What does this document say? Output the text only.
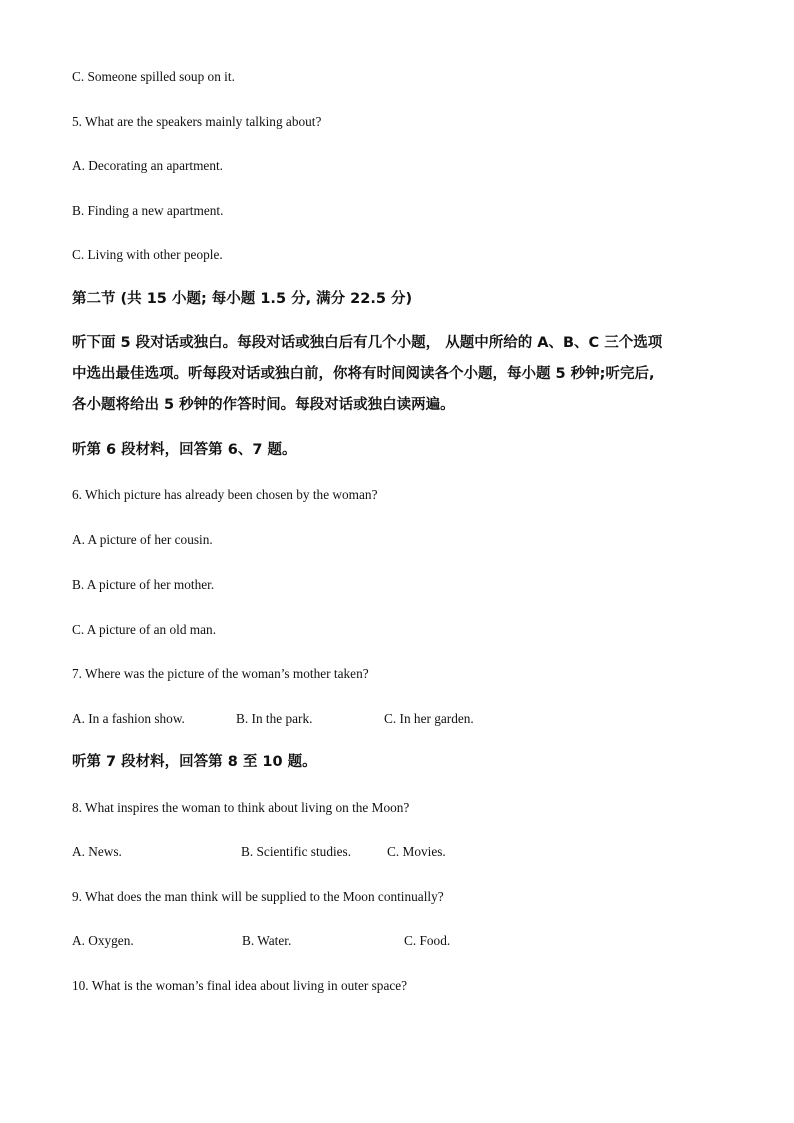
C. Someone spilled soup on it.
5. What are the speakers mainly talking about?
A. Decorating an apartment.
B. Finding a new apartment.
C. Living with other people.
第二节 (共 15 小题; 每小题 1.5 分, 满分 22.5 分)
听下面 5 段对话或独白。每段对话或独白后有几个小题， 从题中所给的 A、B、C 三个选项
中选出最佳选项。听每段对话或独白前，你将有时间阅读各个小题，每小题 5 秒钟;听完后,
各小题将给出 5 秒钟的作答时间。每段对话或独白读两遍。
听第 6 段材料，回答第 6、7 题。
6. Which picture has already been chosen by the woman?
A. A picture of her cousin.
B. A picture of her mother.
C. A picture of an old man.
7. Where was the picture of the woman’s mother taken?
A. In a fashion show.	B. In the park.	C. In her garden.
听第 7 段材料，回答第 8 至 10 题。
8. What inspires the woman to think about living on the Moon?
A. News.	B. Scientific studies.	C. Movies.
9. What does the man think will be supplied to the Moon continually?
A. Oxygen.	B. Water.	C. Food.
10. What is the woman’s final idea about living in outer space?
